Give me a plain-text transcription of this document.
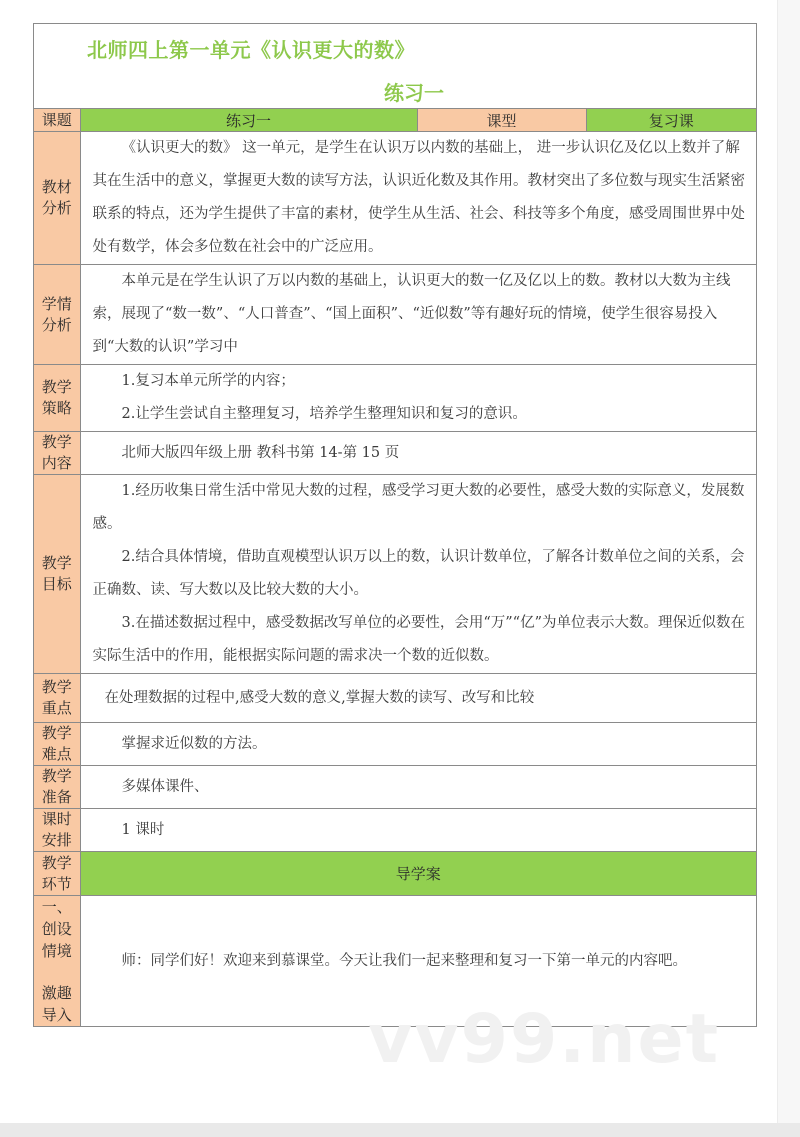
北师四上第一单元《认识更大的数》
练习一
课题	练习一	课型	复习课
教材分析	《认识更大的数》 这一单元，是学生在认识万以内数的基础上， 进一步认识亿及亿以上数并了解其在生活中的意义，掌握更大数的读写方法，认识近化数及其作用。教材突出了多位数与现实生活紧密联系的特点，还为学生提供了丰富的素材，使学生从生活、社会、科技等多个角度，感受周围世界中处处有数学，体会多位数在社会中的广泛应用。		

学情分析	本单元是在学生认识了万以内数的基础上，认识更大的数一亿及亿以上的数。教材以大数为主线索，展现了“数一数”、“人口普查”、“国上面积”、“近似数”等有趣好玩的情境，使学生很容易投入到“大数的认识”学习中		

教学策略	1.复习本单元所学的内容；

2.让学生尝试自主整理复习，培养学生整理知识和复习的意识。		

教学内容	北师大版四年级上册 教科书第 14-第 15 页		

教学目标	1.经历收集日常生活中常见大数的过程，感受学习更大数的必要性，感受大数的实际意义，发展数感。

2.结合具体情境，借助直观模型认识万以上的数，认识计数单位，了解各计数单位之间的关系，会正确数、读、写大数以及比较大数的大小。

3.在描述数据过程中，感受数据改写单位的必要性，会用“万”“亿”为单位表示大数。理保近似数在实际生活中的作用，能根据实际问题的需求决一个数的近似数。		

教学重点	在处理数据的过程中,感受大数的意义,掌握大数的读写、改写和比较		

教学难点	掌握求近似数的方法。		

教学准备	多媒体课件、		

课时安排	1 课时		

教学环节	导学案		

一、
创设
情境
激趣
导入	师：同学们好！欢迎来到慕课堂。今天让我们一起来整理和复习一下第一单元的内容吧。		

vv99.net
